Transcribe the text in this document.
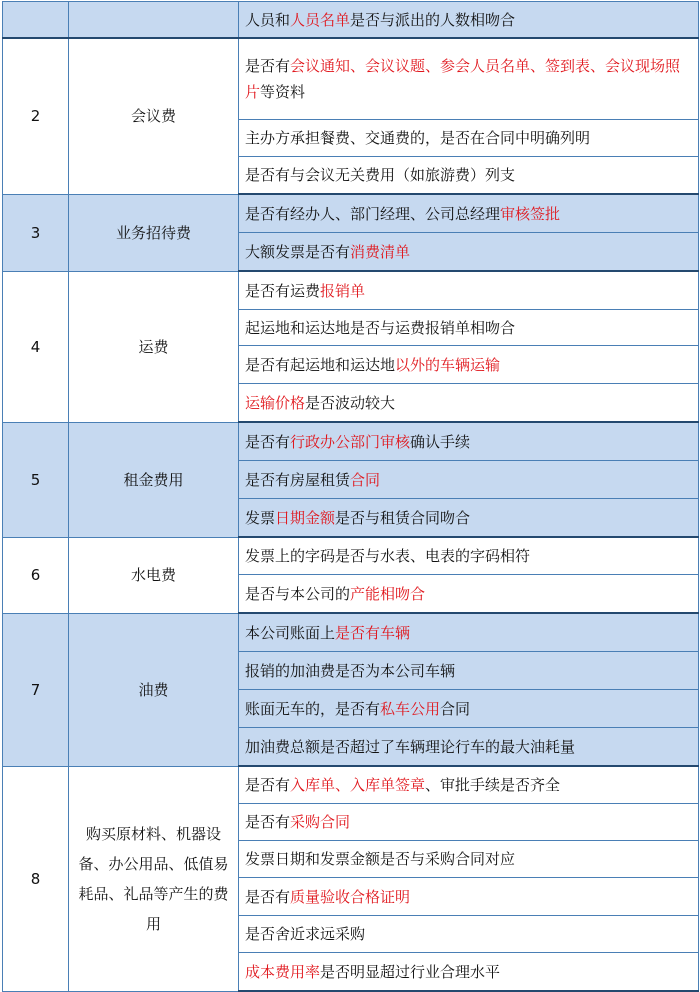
		人员和人员名单是否与派出的人数相吻合
2	会议费	是否有会议通知、会议议题、参会人员名单、签到表、会议现场照片等资料
		主办方承担餐费、交通费的，是否在合同中明确列明
		是否有与会议无关费用（如旅游费）列支
3	业务招待费	是否有经办人、部门经理、公司总经理审核签批
		大额发票是否有消费清单
4	运费	是否有运费报销单
		起运地和运达地是否与运费报销单相吻合
		是否有起运地和运达地以外的车辆运输
		运输价格是否波动较大
5	租金费用	是否有行政办公部门审核确认手续
		是否有房屋租赁合同
		发票日期金额是否与租赁合同吻合
6	水电费	发票上的字码是否与水表、电表的字码相符
		是否与本公司的产能相吻合
7	油费	本公司账面上是否有车辆
		报销的加油费是否为本公司车辆
		账面无车的，是否有私车公用合同
		加油费总额是否超过了车辆理论行车的最大油耗量
8	购买原材料、机器设备、办公用品、低值易耗品、礼品等产生的费用	是否有入库单、入库单签章、审批手续是否齐全
		是否有采购合同
		发票日期和发票金额是否与采购合同对应
		是否有质量验收合格证明
		是否舍近求远采购
		成本费用率是否明显超过行业合理水平
